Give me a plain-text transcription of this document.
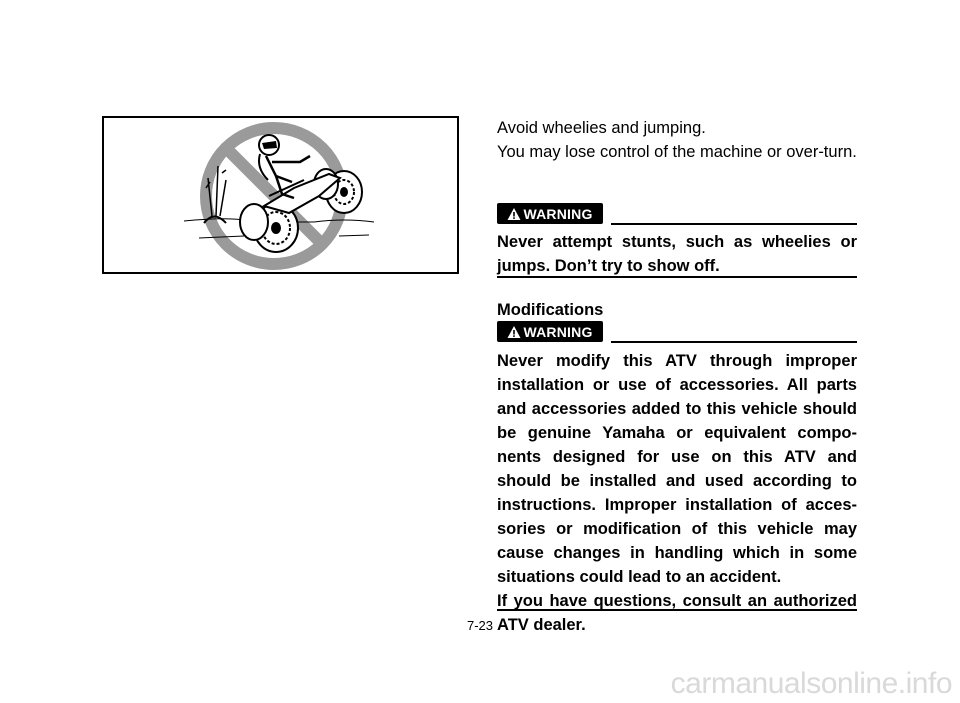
Avoid wheelies and jumping.

You may lose control of the machine or over-turn.

WARNING

Never attempt stunts, such as wheelies or jumps. Don’t try to show off.

Modifications

WARNING

Never modify this ATV through improper installation or use of accessories. All parts and accessories added to this vehicle should be genuine Yamaha or equivalent compo-nents designed for use on this ATV and should be installed and used according to instructions. Improper installation of acces-sories or modification of this vehicle may cause changes in handling which in some situations could lead to an accident.

If you have questions, consult an authorized ATV dealer.

7-23
carmanualsonline.info
